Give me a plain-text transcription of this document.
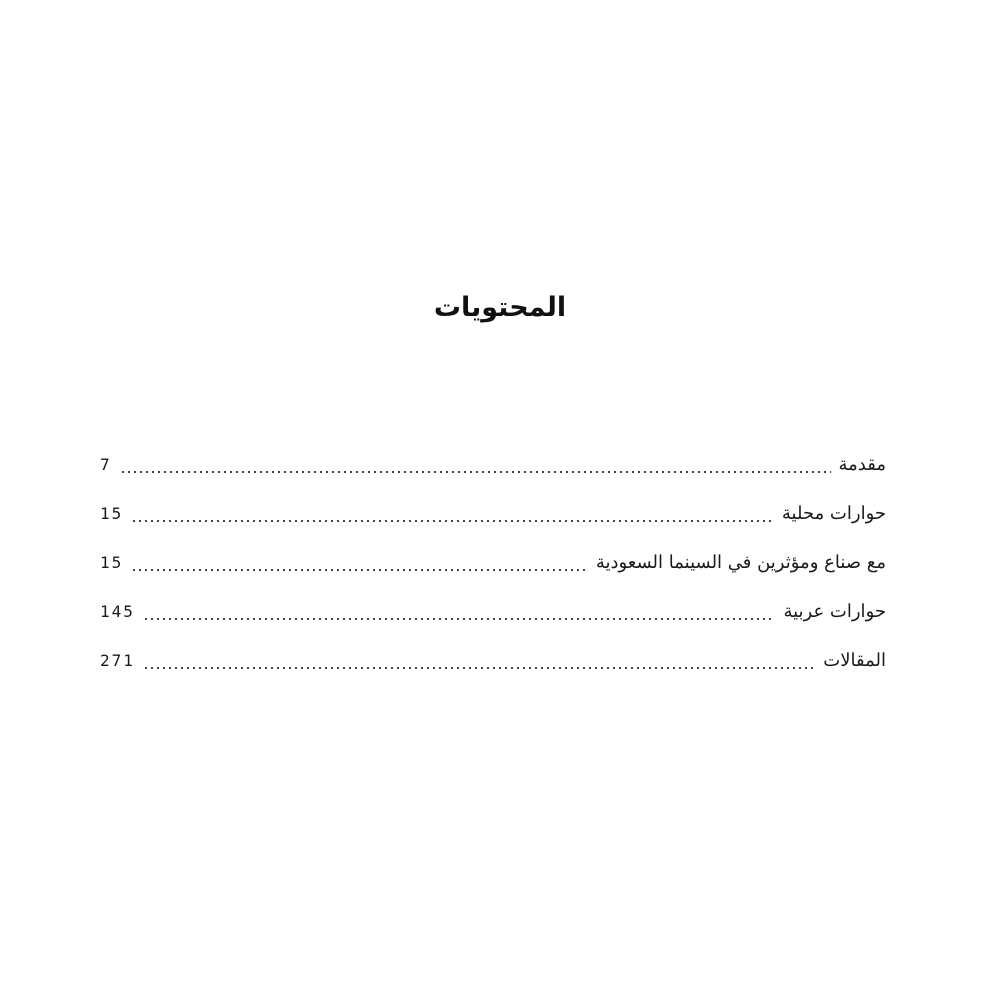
المحتويات
مقدمة
7
حوارات محلية
15
مع صناع ومؤثرين في السينما السعودية
15
حوارات عربية
145
المقالات
271
